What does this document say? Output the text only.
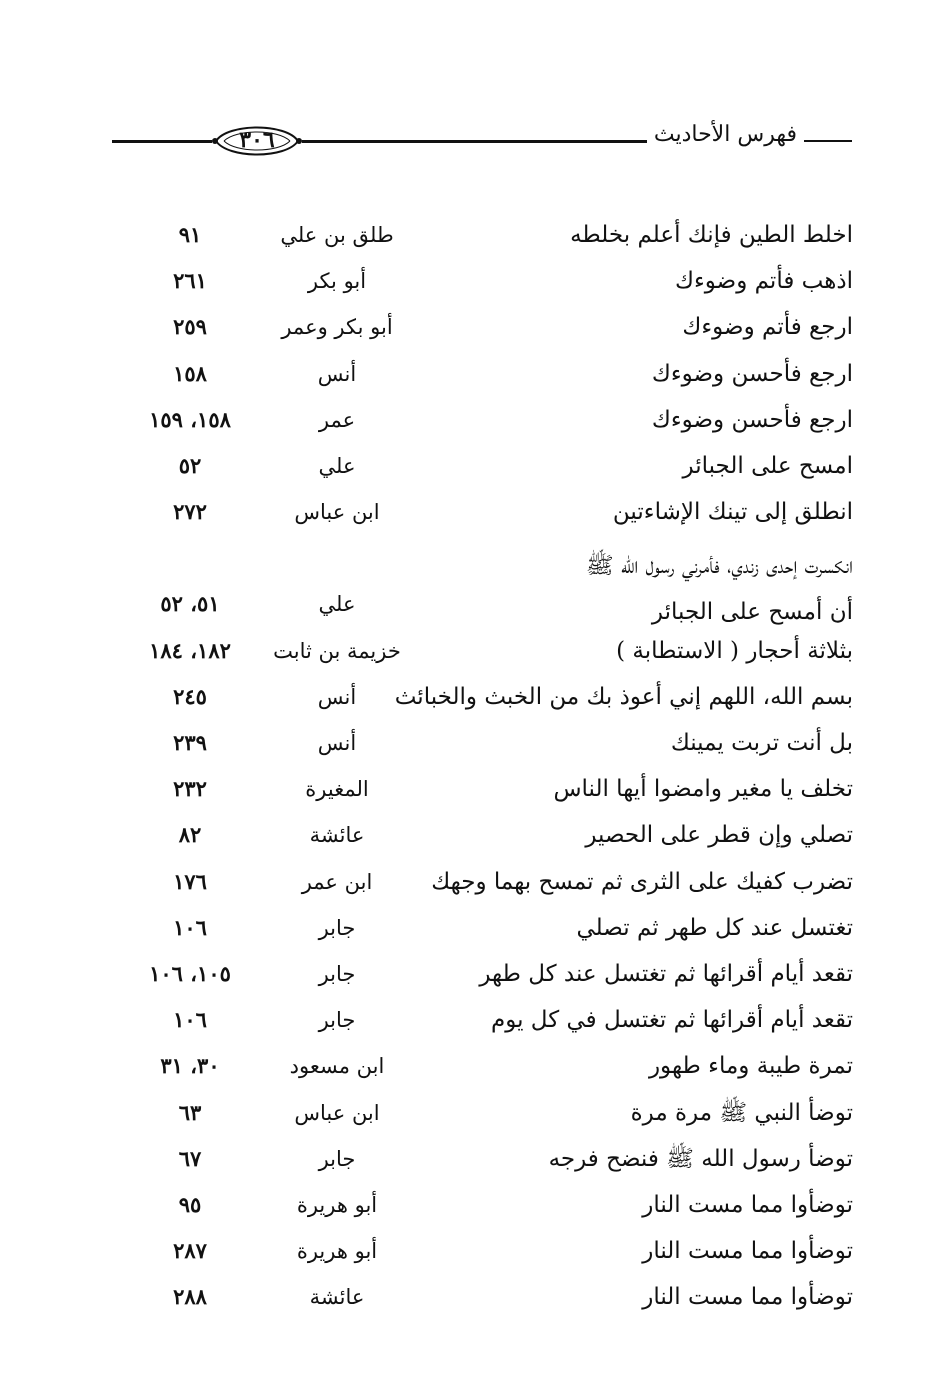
٣٠٦	فهرس الأحاديث
اخلط الطين فإنك أعلم بخلطه
طلق بن علي
٩١
اذهب فأتم وضوءك
أبو بكر
٢٦١
ارجع فأتم وضوءك
أبو بكر وعمر
٢٥٩
ارجع فأحسن وضوءك
أنس
١٥٨
ارجع فأحسن وضوءك
عمر
١٥٨، ١٥٩
امسح على الجبائر
علي
٥٢
انطلق إلى تينك الإشاءتين
ابن عباس
٢٧٢
انكسرت إحدى زندي، فأمرني رسول الله ﷺ
أن أمسح على الجبائر
علي
٥١، ٥٢
بثلاثة أحجار ( الاستطابة )
خزيمة بن ثابت
١٨٢، ١٨٤
بسم الله، اللهم إني أعوذ بك من الخبث والخبائث
أنس
٢٤٥
بل أنت تربت يمينك
أنس
٢٣٩
تخلف يا مغير وامضوا أيها الناس
المغيرة
٢٣٢
تصلي وإن قطر على الحصير
عائشة
٨٢
تضرب كفيك على الثرى ثم تمسح بهما وجهك
ابن عمر
١٧٦
تغتسل عند كل طهر ثم تصلي
جابر
١٠٦
تقعد أيام أقرائها ثم تغتسل عند كل طهر
جابر
١٠٥، ١٠٦
تقعد أيام أقرائها ثم تغتسل في كل يوم
جابر
١٠٦
تمرة طيبة وماء طهور
ابن مسعود
٣٠، ٣١
توضأ النبي ﷺ مرة مرة
ابن عباس
٦٣
توضأ رسول الله ﷺ فنضح فرجه
جابر
٦٧
توضأوا مما مست النار
أبو هريرة
٩٥
توضأوا مما مست النار
أبو هريرة
٢٨٧
توضأوا مما مست النار
عائشة
٢٨٨
